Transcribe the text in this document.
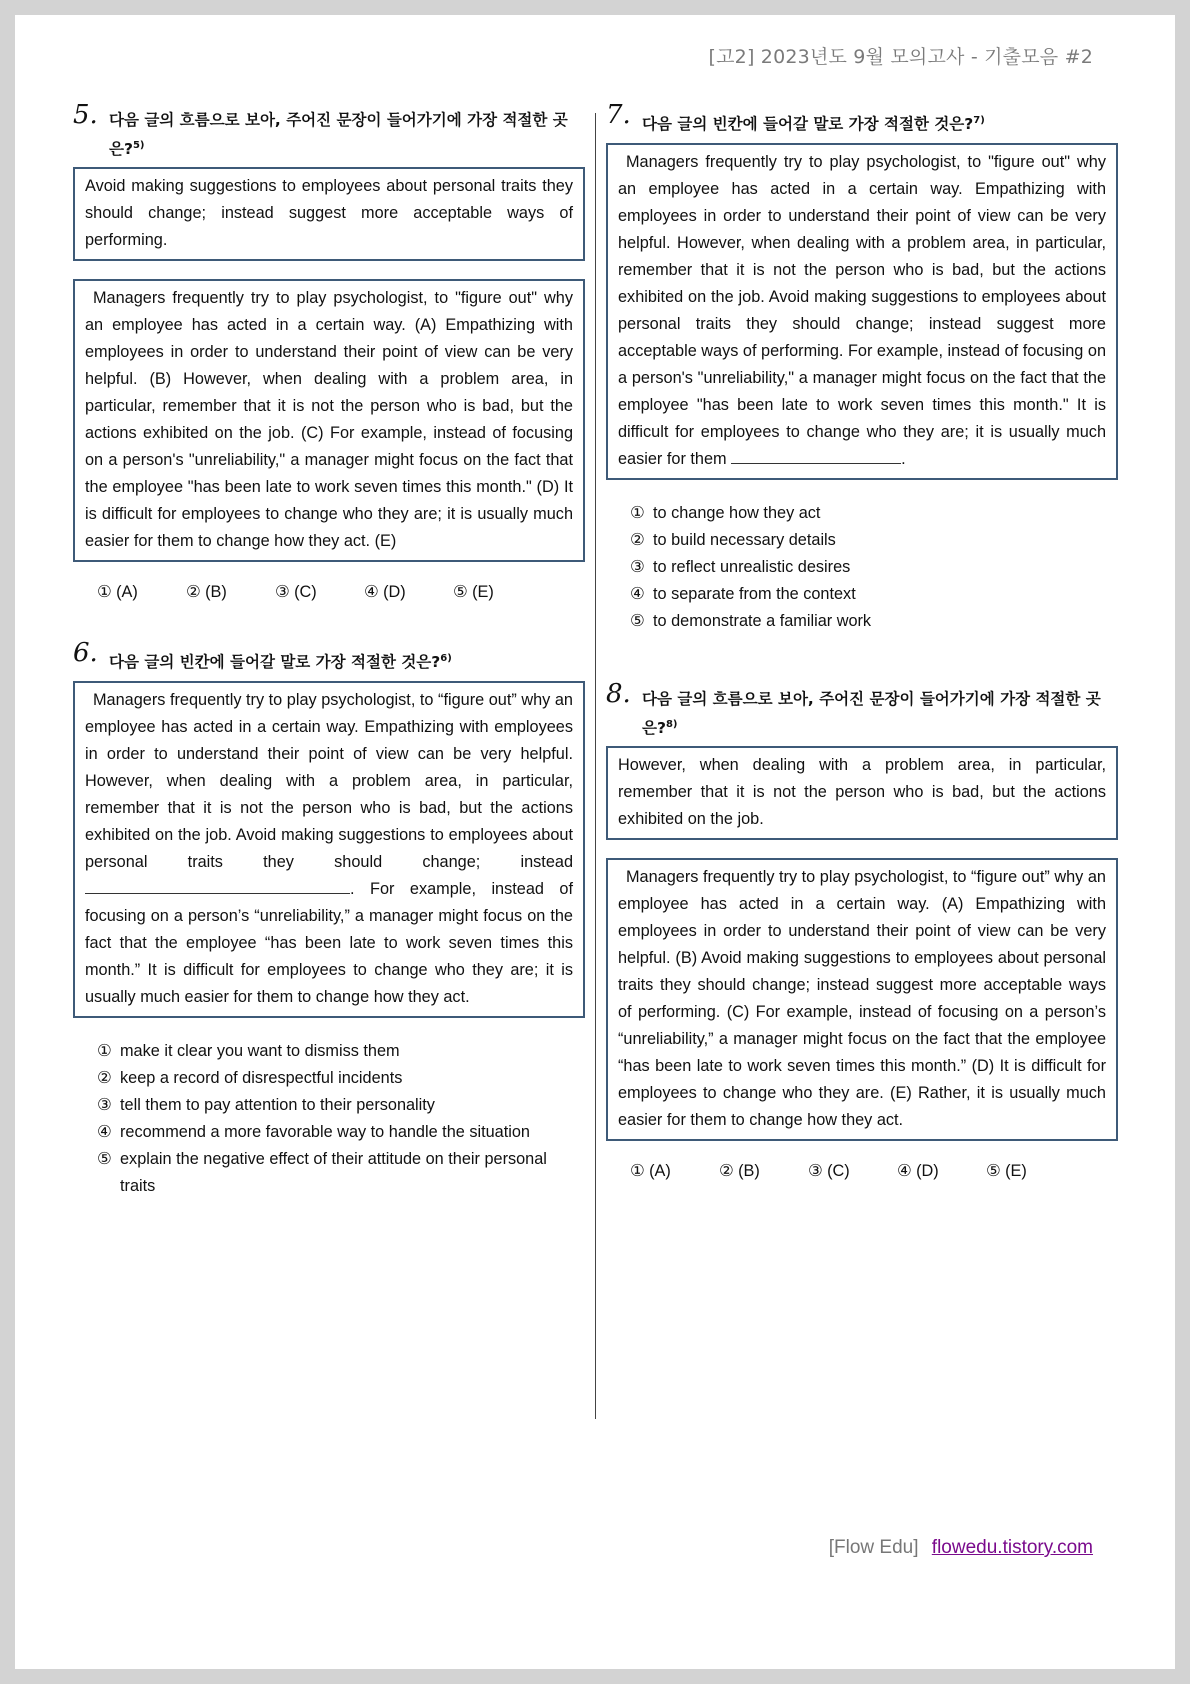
[고2] 2023년도 9월 모의고사 - 기출모음 #2
5. 다음 글의 흐름으로 보아, 주어진 문장이 들어가기에 가장 적절한 곳은?$^{5)}$
Avoid making suggestions to employees about personal traits they should change; instead suggest more acceptable ways of performing.
Managers frequently try to play psychologist, to "figure out" why an employee has acted in a certain way. (A) Empathizing with employees in order to understand their point of view can be very helpful. (B) However, when dealing with a problem area, in particular, remember that it is not the person who is bad, but the actions exhibited on the job. (C) For example, instead of focusing on a person's "unreliability," a manager might focus on the fact that the employee "has been late to work seven times this month." (D) It is difficult for employees to change who they are; it is usually much easier for them to change how they act. (E)
① (A)	② (B)	③ (C)	④ (D)	⑤ (E)
6. 다음 글의 빈칸에 들어갈 말로 가장 적절한 것은?$^{6)}$
Managers frequently try to play psychologist, to “figure out” why an employee has acted in a certain way. Empathizing with employees in order to understand their point of view can be very helpful. However, when dealing with a problem area, in particular, remember that it is not the person who is bad, but the actions exhibited on the job. Avoid making suggestions to employees about personal traits they should change; instead . For example, instead of focusing on a person’s “unreliability,” a manager might focus on the fact that the employee “has been late to work seven times this month.” It is difficult for employees to change who they are; it is usually much easier for them to change how they act.
① make it clear you want to dismiss them
② keep a record of disrespectful incidents
③ tell them to pay attention to their personality
④ recommend a more favorable way to handle the situation
⑤ explain the negative effect of their attitude on their personal traits
7. 다음 글의 빈칸에 들어갈 말로 가장 적절한 것은?$^{7)}$
Managers frequently try to play psychologist, to "figure out" why an employee has acted in a certain way. Empathizing with employees in order to understand their point of view can be very helpful. However, when dealing with a problem area, in particular, remember that it is not the person who is bad, but the actions exhibited on the job. Avoid making suggestions to employees about personal traits they should change; instead suggest more acceptable ways of performing. For example, instead of focusing on a person's "unreliability," a manager might focus on the fact that the employee "has been late to work seven times this month." It is difficult for employees to change who they are; it is usually much easier for them	.
① to change how they act
② to build necessary details
③ to reflect unrealistic desires
④ to separate from the context
⑤ to demonstrate a familiar work
8. 다음 글의 흐름으로 보아, 주어진 문장이 들어가기에 가장 적절한 곳은?$^{8)}$
However, when dealing with a problem area, in particular, remember that it is not the person who is bad, but the actions exhibited on the job.
Managers frequently try to play psychologist, to “figure out” why an employee has acted in a certain way. (A) Empathizing with employees in order to understand their point of view can be very helpful. (B) Avoid making suggestions to employees about personal traits they should change; instead suggest more acceptable ways of performing. (C) For example, instead of focusing on a person’s “unreliability,” a manager might focus on the fact that the employee “has been late to work seven times this month.” (D) It is difficult for employees to change who they are. (E) Rather, it is usually much easier for them to change how they act.
① (A)	② (B)	③ (C)	④ (D)	⑤ (E)
[Flow Edu] flowedu.tistory.com
